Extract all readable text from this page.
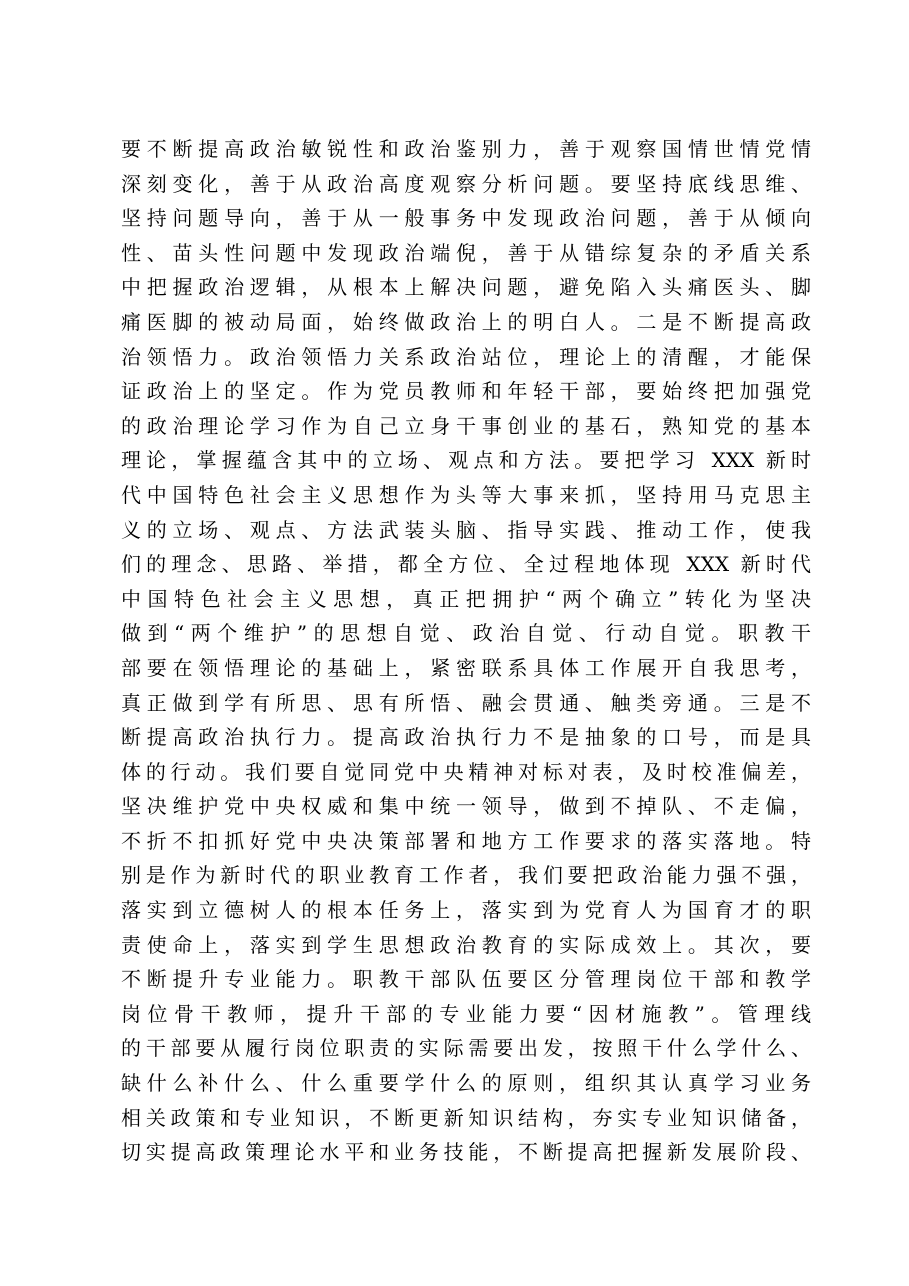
要不断提高政治敏锐性和政治鉴别力，善于观察国情世情党情
深刻变化，善于从政治高度观察分析问题。要坚持底线思维、
坚持问题导向，善于从一般事务中发现政治问题，善于从倾向
性、苗头性问题中发现政治端倪，善于从错综复杂的矛盾关系
中把握政治逻辑，从根本上解决问题，避免陷入头痛医头、脚
痛医脚的被动局面，始终做政治上的明白人。二是不断提高政
治领悟力。政治领悟力关系政治站位，理论上的清醒，才能保
证政治上的坚定。作为党员教师和年轻干部，要始终把加强党
的政治理论学习作为自己立身干事创业的基石，熟知党的基本
理论，掌握蕴含其中的立场、观点和方法。要把学习 XXX 新时
代中国特色社会主义思想作为头等大事来抓，坚持用马克思主
义的立场、观点、方法武装头脑、指导实践、推动工作，使我
们的理念、思路、举措，都全方位、全过程地体现 XXX 新时代
中国特色社会主义思想，真正把拥护“两个确立”转化为坚决
做到“两个维护”的思想自觉、政治自觉、行动自觉。职教干
部要在领悟理论的基础上，紧密联系具体工作展开自我思考，
真正做到学有所思、思有所悟、融会贯通、触类旁通。三是不
断提高政治执行力。提高政治执行力不是抽象的口号，而是具
体的行动。我们要自觉同党中央精神对标对表，及时校准偏差，
坚决维护党中央权威和集中统一领导，做到不掉队、不走偏，
不折不扣抓好党中央决策部署和地方工作要求的落实落地。特
别是作为新时代的职业教育工作者，我们要把政治能力强不强，
落实到立德树人的根本任务上，落实到为党育人为国育才的职
责使命上，落实到学生思想政治教育的实际成效上。其次，要
不断提升专业能力。职教干部队伍要区分管理岗位干部和教学
岗位骨干教师，提升干部的专业能力要“因材施教”。管理线
的干部要从履行岗位职责的实际需要出发，按照干什么学什么、
缺什么补什么、什么重要学什么的原则，组织其认真学习业务
相关政策和专业知识，不断更新知识结构，夯实专业知识储备，
切实提高政策理论水平和业务技能，不断提高把握新发展阶段、
